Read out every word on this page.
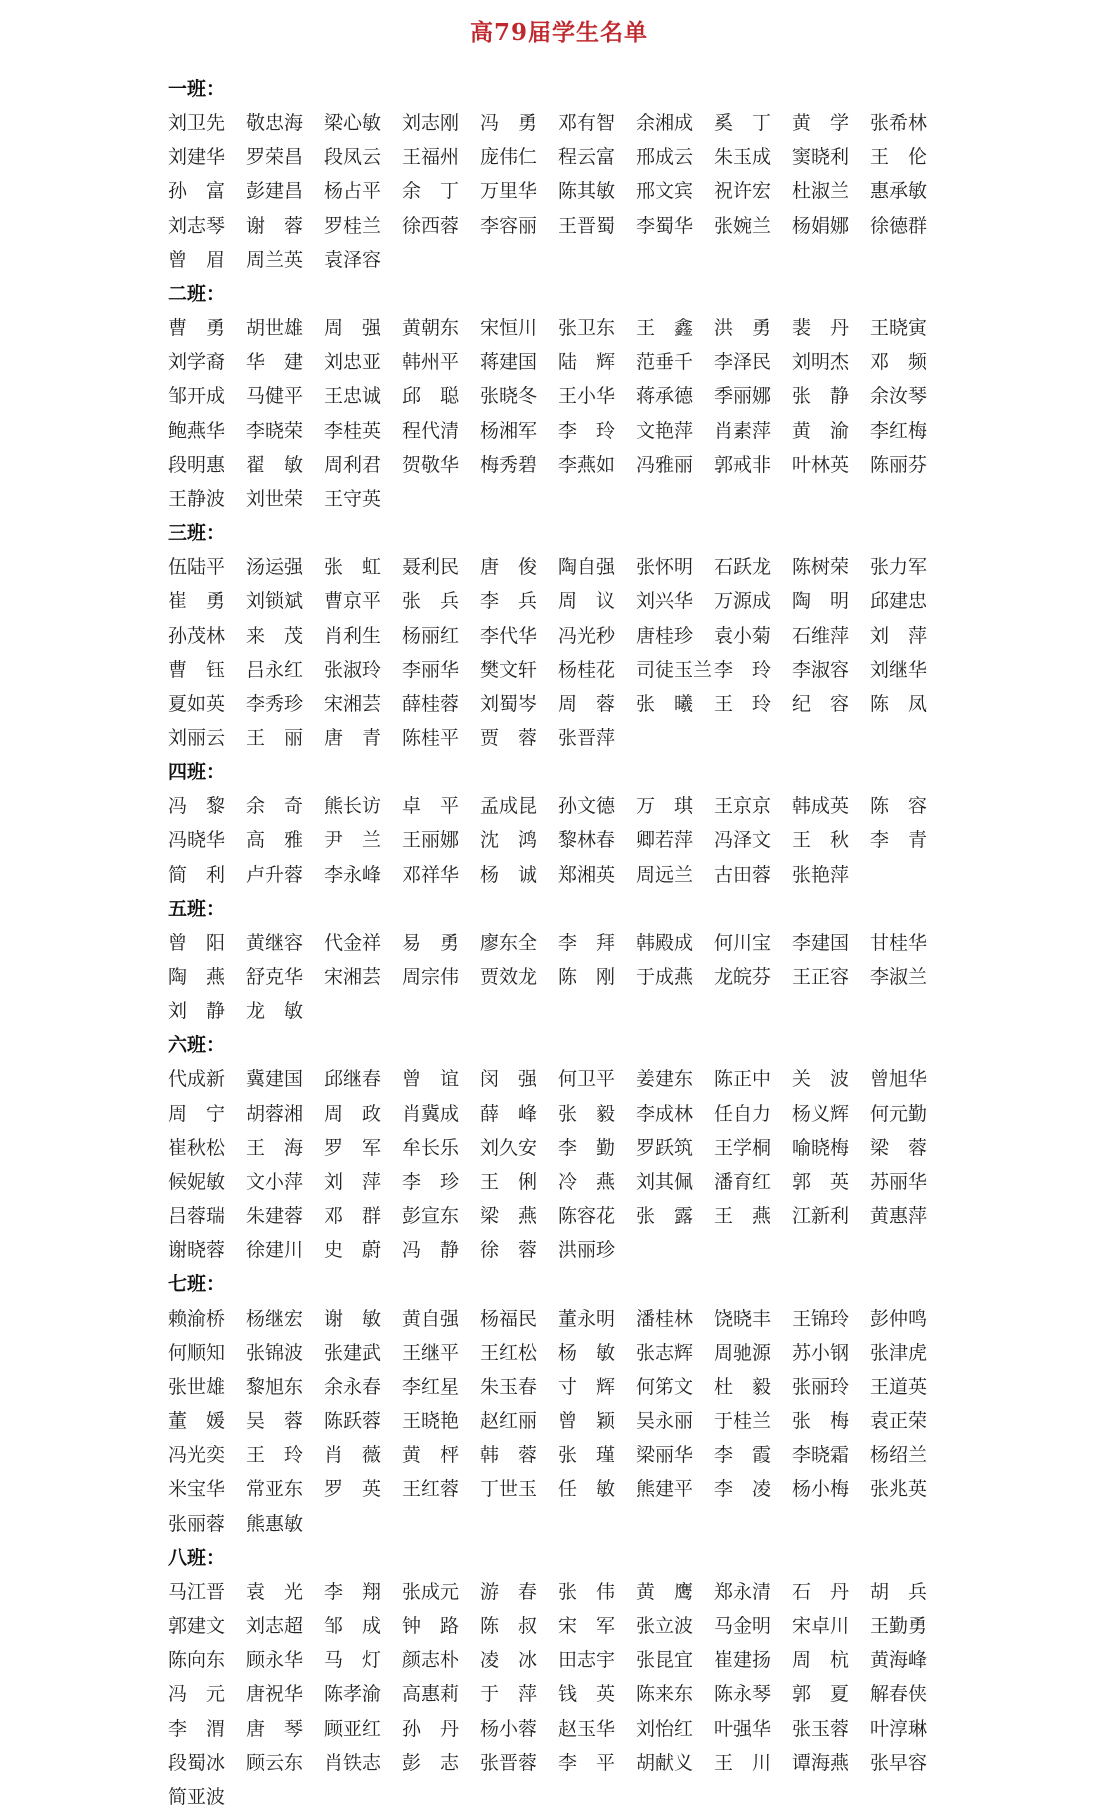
高79届学生名单
一班：
刘卫先	敬忠海	梁心敏	刘志刚	冯　勇	邓有智	余湘成	奚　丁	黄　学	张希林
刘建华	罗荣昌	段凤云	王福州	庞伟仁	程云富	邢成云	朱玉成	窦晓利	王　伦
孙　富	彭建昌	杨占平	余　丁	万里华	陈其敏	邢文宾	祝许宏	杜淑兰	惠承敏
刘志琴	谢　蓉	罗桂兰	徐西蓉	李容丽	王晋蜀	李蜀华	张婉兰	杨娟娜	徐德群
曾　眉	周兰英	袁泽容
二班：
曹　勇	胡世雄	周　强	黄朝东	宋恒川	张卫东	王　鑫	洪　勇	裴　丹	王晓寅
刘学裔	华　建	刘忠亚	韩州平	蒋建国	陆　辉	范垂千	李泽民	刘明杰	邓　频
邹开成	马健平	王忠诚	邱　聪	张晓冬	王小华	蒋承德	季丽娜	张　静	余汝琴
鲍燕华	李晓荣	李桂英	程代清	杨湘军	李　玲	文艳萍	肖素萍	黄　渝	李红梅
段明惠	翟　敏	周利君	贺敬华	梅秀碧	李燕如	冯雅丽	郭戒非	叶林英	陈丽芬
王静波	刘世荣	王守英
三班：
伍陆平	汤运强	张　虹	聂利民	唐　俊	陶自强	张怀明	石跃龙	陈树荣	张力军
崔　勇	刘锁斌	曹京平	张　兵	李　兵	周　议	刘兴华	万源成	陶　明	邱建忠
孙茂林	来　茂	肖利生	杨丽红	李代华	冯光秒	唐桂珍	袁小菊	石维萍	刘　萍
曹　钰	吕永红	张淑玲	李丽华	樊文轩	杨桂花	司徒玉兰 李　玲	李淑容	刘继华
夏如英	李秀珍	宋湘芸	薛桂蓉	刘蜀岑	周　蓉	张　曦	王　玲	纪　容	陈　凤
刘丽云	王　丽	唐　青	陈桂平	贾　蓉	张晋萍
四班：
冯　黎	余　奇	熊长访	卓　平	孟成昆	孙文德	万　琪	王京京	韩成英	陈　容
冯晓华	高　雅	尹　兰	王丽娜	沈　鸿	黎林春	卿若萍	冯泽文	王　秋	李　青
简　利	卢升蓉	李永峰	邓祥华	杨　诚	郑湘英	周远兰	古田蓉	张艳萍
五班：
曾　阳	黄继容	代金祥	易　勇	廖东全	李　拜	韩殿成	何川宝	李建国	甘桂华
陶　燕	舒克华	宋湘芸	周宗伟	贾效龙	陈　刚	于成燕	龙皖芬	王正容	李淑兰
刘　静	龙　敏
六班：
代成新	冀建国	邱继春	曾　谊	闵　强	何卫平	姜建东	陈正中	关　波	曾旭华
周　宁	胡蓉湘	周　政	肖冀成	薛　峰	张　毅	李成林	任自力	杨义辉	何元勤
崔秋松	王　海	罗　军	牟长乐	刘久安	李　勤	罗跃筑	王学桐	喻晓梅	梁　蓉
候妮敏	文小萍	刘　萍	李　珍	王　俐	冷　燕	刘其佩	潘育红	郭　英	苏丽华
吕蓉瑞	朱建蓉	邓　群	彭宣东	梁　燕	陈容花	张　露	王　燕	江新利	黄惠萍
谢晓蓉	徐建川	史　蔚	冯　静	徐　蓉	洪丽珍
七班：
赖渝桥	杨继宏	谢　敏	黄自强	杨福民	董永明	潘桂林	饶晓丰	王锦玲	彭仲鸣
何顺知	张锦波	张建武	王继平	王红松	杨　敏	张志辉	周驰源	苏小钢	张津虎
张世雄	黎旭东	余永春	李红星	朱玉春	寸　辉	何笫文	杜　毅	张丽玲	王道英
董　媛	吴　蓉	陈跃蓉	王晓艳	赵红丽	曾　颖	吴永丽	于桂兰	张　梅	袁正荣
冯光奕	王　玲	肖　薇	黄　枰	韩　蓉	张　瑾	梁丽华	李　霞	李晓霜	杨绍兰
米宝华	常亚东	罗　英	王红蓉	丁世玉	任　敏	熊建平	李　凌	杨小梅	张兆英
张丽蓉	熊惠敏
八班：
马江晋	袁　光	李　翔	张成元	游　春	张　伟	黄　鹰	郑永清	石　丹	胡　兵
郭建文	刘志超	邹　成	钟　路	陈　叔	宋　军	张立波	马金明	宋卓川	王勤勇
陈向东	顾永华	马　灯	颜志朴	凌　冰	田志宇	张昆宜	崔建扬	周　杭	黄海峰
冯　元	唐祝华	陈孝渝	高惠莉	于　萍	钱　英	陈来东	陈永琴	郭　夏	解春侠
李　渭	唐　琴	顾亚红	孙　丹	杨小蓉	赵玉华	刘怡红	叶强华	张玉蓉	叶淳琳
段蜀冰	顾云东	肖铁志	彭　志	张晋蓉	李　平	胡献义	王　川	谭海燕	张早容
简亚波
